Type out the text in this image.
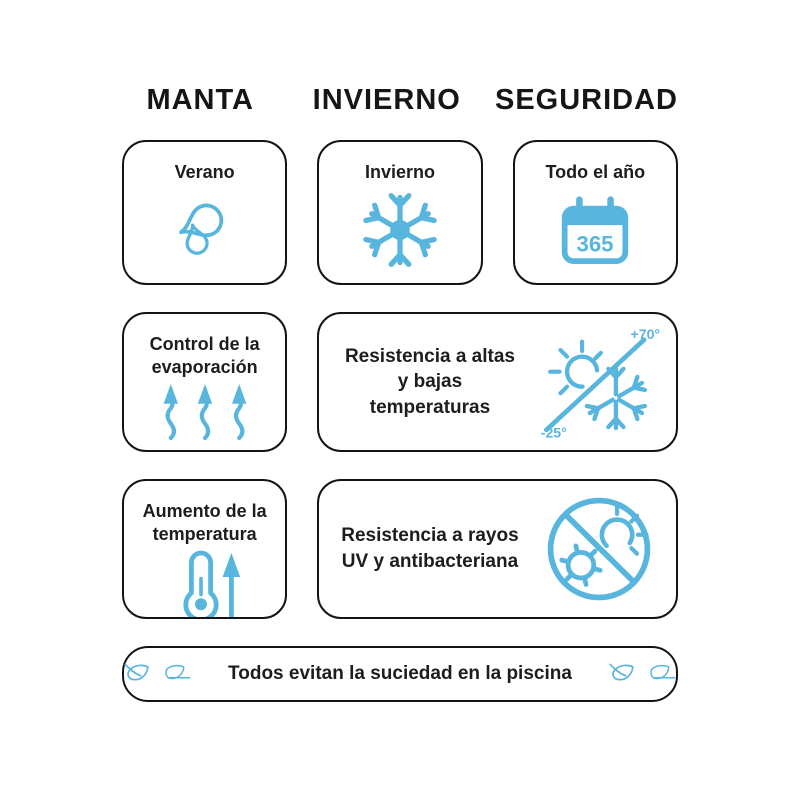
MANTA	INVIERNO SEGURIDAD
Verano	Invierno	Todo el año
365
Control de la evaporación	Resistencia a altas y bajas temperaturas

+70°
-25°
Aumento de la temperatura	Resistencia a rayos UV y antibacteriana

Todos evitan la suciedad en la piscina
